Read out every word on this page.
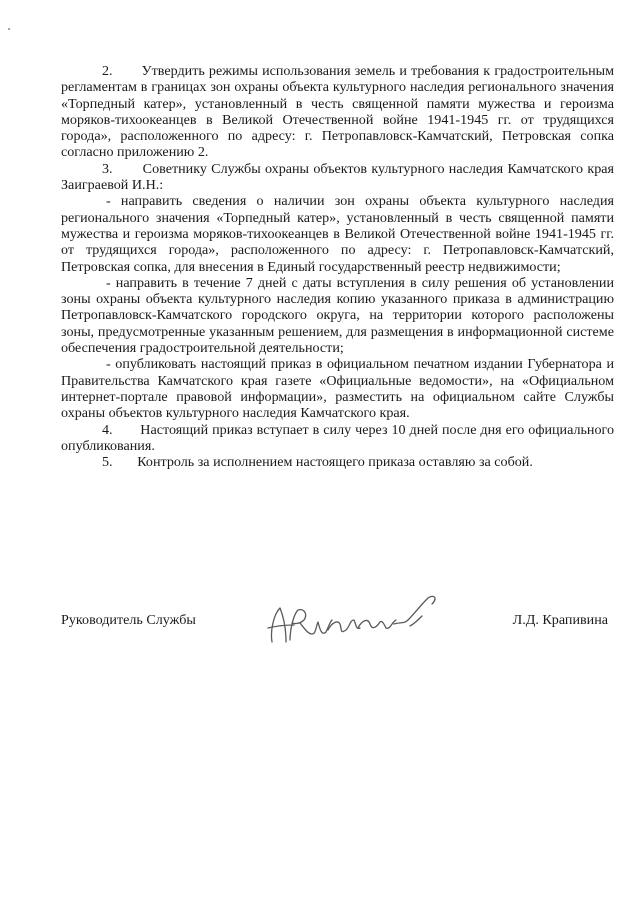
2.       Утвердить режимы использования земель и требования к градостроительным регламентам в границах зон охраны объекта культурного наследия регионального значения «Торпедный катер», установленный в честь священной памяти мужества и героизма моряков-тихоокеанцев в Великой Отечественной войне 1941-1945 гг. от трудящихся города», расположенного по адресу: г. Петропавловск-Камчатский, Петровская сопка согласно приложению 2.

3.       Советнику Службы охраны объектов культурного наследия Камчатского края Заиграевой И.Н.:

- направить сведения о наличии зон охраны объекта культурного наследия регионального значения «Торпедный катер», установленный в честь священной памяти мужества и героизма моряков-тихоокеанцев в Великой Отечественной войне 1941-1945 гг. от трудящихся города», расположенного по адресу: г. Петропавловск-Камчатский, Петровская сопка, для внесения в Единый государственный реестр недвижимости;

- направить в течение 7 дней с даты вступления в силу решения об установлении зоны охраны объекта культурного наследия копию указанного приказа в администрацию Петропавловск-Камчатского городского округа, на территории которого расположены зоны, предусмотренные указанным решением, для размещения в информационной системе обеспечения градостроительной деятельности;

- опубликовать настоящий приказ в официальном печатном издании Губернатора и Правительства Камчатского края газете «Официальные ведомости», на «Официальном интернет-портале правовой информации», разместить на официальном сайте Службы охраны объектов культурного наследия Камчатского края.

4.       Настоящий приказ вступает в силу через 10 дней после дня его официального опубликования.

5.       Контроль за исполнением настоящего приказа оставляю за собой.

Руководитель Службы	Л.Д. Крапивина
